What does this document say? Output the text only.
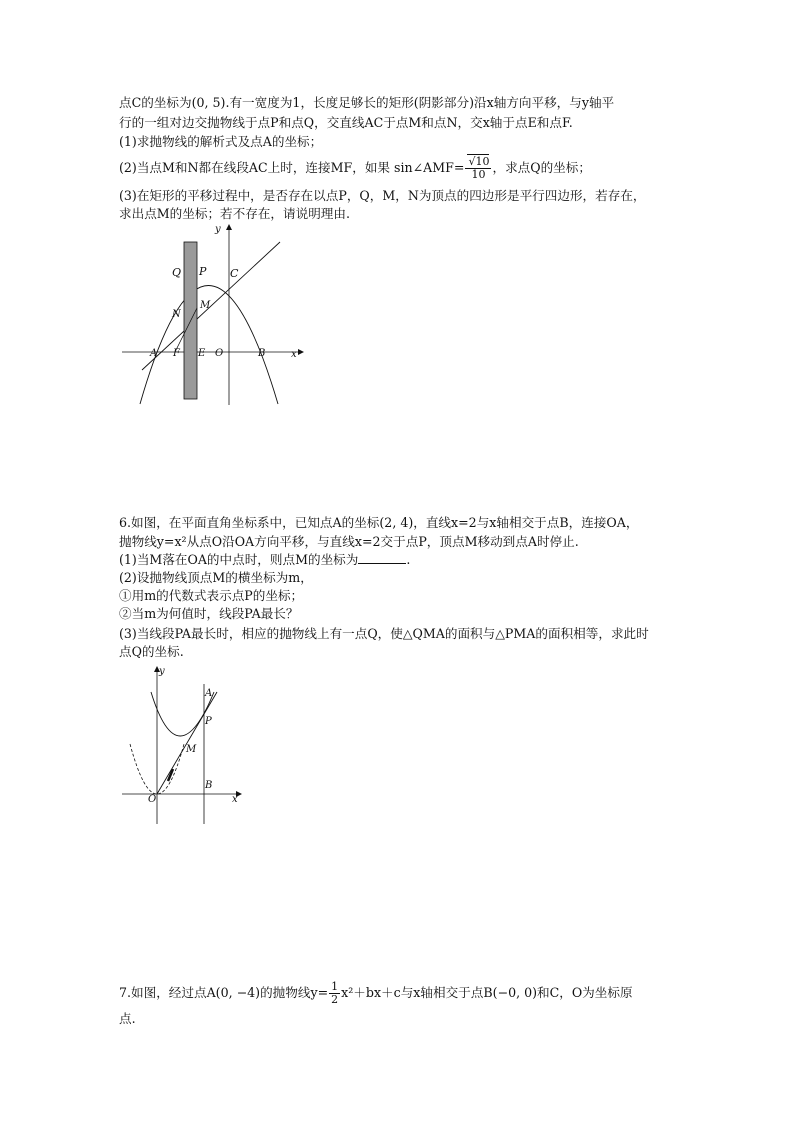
点C的坐标为(0, 5).有一宽度为1，长度足够长的矩形(阴影部分)沿x轴方向平移，与y轴平
行的一组对边交抛物线于点P和点Q，交直线AC于点M和点N，交x轴于点E和点F.
(1)求抛物线的解析式及点A的坐标；
(2)当点M和N都在线段AC上时，连接MF，如果 sin∠AMF= $\frac{√10}{10}$ ，求点Q的坐标；
(3)在矩形的平移过程中，是否存在以点P，Q，M，N为顶点的四边形是平行四边形，若存在，
求出点M的坐标；若不存在，请说明理由.
y
x
Q P C
M
N
A F E O	B
6.如图，在平面直角坐标系中，已知点A的坐标(2, 4)，直线x=2与x轴相交于点B，连接OA，
抛物线y=x²从点O沿OA方向平移，与直线x=2交于点P，顶点M移动到点A时停止.
(1)当M落在OA的中点时，则点M的坐标为	.
(2)设抛物线顶点M的横坐标为m，
①用m的代数式表示点P的坐标；
②当m为何值时，线段PA最长？
(3)当线段PA最长时，相应的抛物线上有一点Q，使△QMA的面积与△PMA的面积相等，求此时
点Q的坐标.
y
x
A
P
M
B
O
7.如图，经过点A(0, −4)的抛物线$y= \frac{1}{2} x^2+bx+c$与x轴相交于点B(−0, 0)和C，O为坐标原
点.
